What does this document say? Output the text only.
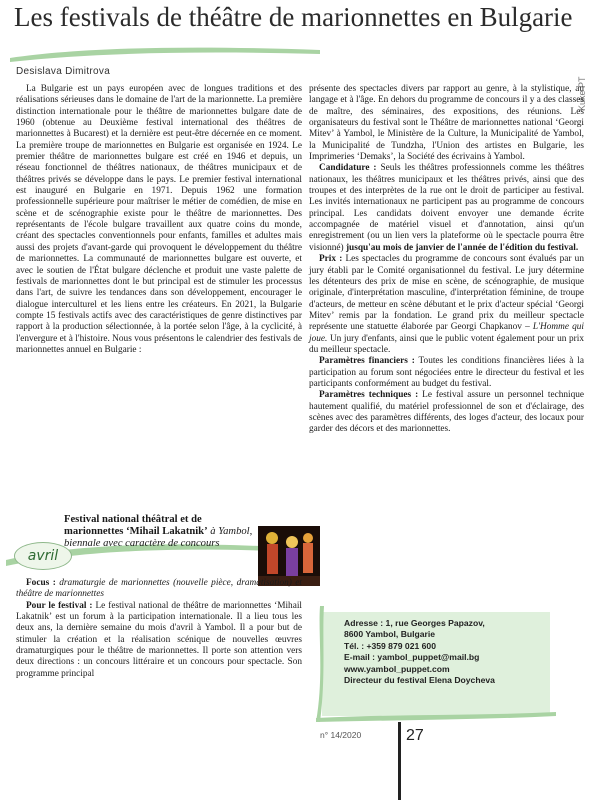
Les festivals de théâtre de marionnettes en Bulgarie
Desislava Dimitrova
Kuke PT

La Bulgarie est un pays européen avec de longues traditions et des réalisations sérieuses dans le domaine de l'art de la marionnette. La première distinction internationale pour le théâtre de marionnettes bulgare date de 1960 (obtenue au Deuxième festival international des théâtres de marionnettes à Bucarest) et la dernière est peut-être décernée en ce moment. La première troupe de marionnettes en Bulgarie est organisée en 1924. Le premier théâtre de marionnettes bulgare est créé en 1946 et depuis, un réseau fonctionnel de théâtres nationaux, de théâtres municipaux et de théâtres privés se développe dans le pays. Le premier festival international est inauguré en Bulgarie en 1971. Depuis 1962 une formation professionnelle supérieure pour maîtriser le métier de comédien, de mise en scène et de scénographie existe pour le théâtre de marionnettes. Des représentants de l'école bulgare travaillent aux quatre coins du monde, créant des spectacles conventionnels pour enfants, familles et adultes mais aussi des projets d'avant-garde qui provoquent le développement du théâtre de marionnettes. La communauté de marionnettes bulgare est ouverte, et avec le soutien de l'État bulgare déclenche et produit une vaste palette de festivals de marionnettes dont le but principal est de stimuler les processus dans l'art, de suivre les tendances dans son développement, encourager le dialogue interculturel et les liens entre les créateurs. En 2021, la Bulgarie compte 15 festivals actifs avec des caractéristiques de genre distinctives par rapport à la production sélectionnée, à la portée selon l'âge, à la cyclicité, à l'envergure et à l'histoire. Nous vous présentons le calendrier des festivals de marionnettes annuel en Bulgarie :

avril
Festival national théâtral et de marionnettes ‘Mihail Lakatnik’ à Yambol, biennale avec caractère de concours

Focus : dramaturgie de marionnettes (nouvelle pièce, dramatisation) et théâtre de marionnettes

Pour le festival : Le festival national de théâtre de marionnettes ‘Mihail Lakatnik’ est un forum à la participation internationale. Il a lieu tous les deux ans, la dernière semaine du mois d'avril à Yambol. Il a pour but de stimuler la création et la réalisation scénique de nouvelles œuvres dramaturgiques pour le théâtre de marionnettes. Il porte son attention vers deux directions : un concours littéraire et un concours pour spectacle. Son programme principal

présente des spectacles divers par rapport au genre, à la stylistique, au langage et à l'âge. En dehors du programme de concours il y a des classes de maître, des séminaires, des expositions, des réunions. Les organisateurs du festival sont le Théâtre de marionnettes national ‘Georgi Mitev’ à Yambol, le Ministère de la Culture, la Municipalité de Yambol, la Municipalité de Tundzha, l'Union des artistes en Bulgarie, les Imprimeries ‘Demaks’, la Société des écrivains à Yambol.

Candidature : Seuls les théâtres professionnels comme les théâtres nationaux, les théâtres municipaux et les théâtres privés, ainsi que des troupes et des interprètes de la rue ont le droit de participer au festival. Les invités internationaux ne participent pas au programme de concours principal. Les candidats doivent envoyer une demande écrite accompagnée de matériel visuel et d'annotation, ainsi qu'un enregistrement (ou un lien vers la plateforme où le spectacle pourra être visionné) jusqu'au mois de janvier de l'année de l'édition du festival.

Prix : Les spectacles du programme de concours sont évalués par un jury établi par le Comité organisationnel du festival. Le jury détermine les détenteurs des prix de mise en scène, de scénographie, de musique originale, d'interprétation masculine, d'interprétation féminine, de troupe d'acteurs, de metteur en scène débutant et le prix d'acteur spécial ‘Georgi Mitev’ remis par la fondation. Le grand prix du meilleur spectacle représente une statuette élaborée par Georgi Chapkanov – L'Homme qui joue. Un jury d'enfants, ainsi que le public votent également pour un prix du meilleur spectacle.

Paramètres financiers : Toutes les conditions financières liées à la participation au forum sont négociées entre le directeur du festival et les participants conformément au budget du festival.

Paramètres techniques : Le festival assure un personnel technique hautement qualifié, du matériel professionnel de son et d'éclairage, des scènes avec des paramètres différents, des loges d'acteur, des locaux pour garder des décors et des marionnettes.

Adresse : 1, rue Georges Papazov,
8600 Yambol, Bulgarie
Tél. : +359 879 021 600
E-mail : yambol_puppet@mail.bg
www.yambol_puppet.com
Directeur du festival Elena Doycheva
n° 14/2020	27
